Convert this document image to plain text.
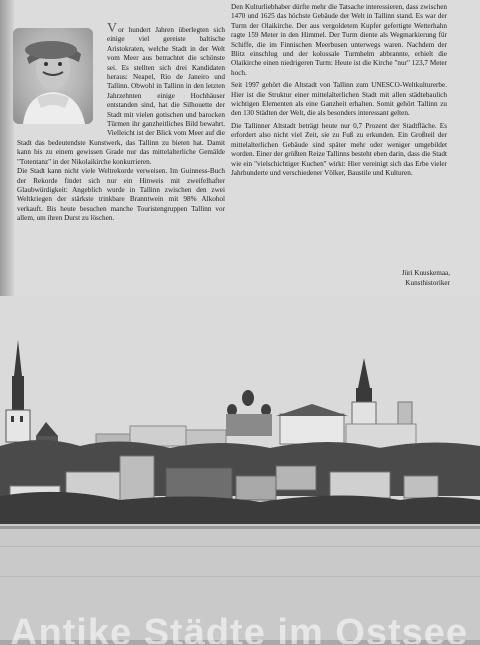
Vor hundert Jahren überlegten sich einige viel gereiste baltische Aristokraten, welche Stadt in der Welt vom Meer aus betrachtet die schönste sei. Es stellten sich drei Kandidaten heraus: Neapel, Rio de Janeiro und Tallinn. Obwohl in Tallinn in den letzten Jahrzehnten einige Hochhäuser entstanden sind, hat die Silhouette der Stadt mit vielen gotischen und barocken Türmen ihr ganzheitliches Bild bewahrt. Vielleicht ist der Blick vom Meer auf die Stadt das bedeutendste Kunstwerk, das Tallinn zu bieten hat. Damit kann bis zu einem gewissen Grade nur das mittelalterliche Gemälde "Totentanz" in der Nikolaikirche konkurrieren.

Die Stadt kann nicht viele Weltrekorde verweisen. Im Guinness-Buch der Rekorde findet sich nur ein Hinweis mit zweifelhafter Glaubwürdigkeit: Angeblich wurde in Tallinn zwischen den zwei Weltkriegen der stärkste trinkbare Branntwein mit 98% Alkohol verkauft. Bis heute besuchen manche Touristengruppen Tallinn vor allem, um ihren Durst zu löschen.

Den Kulturliebhaber dürfte mehr die Tatsache interessieren, dass zwischen 1470 und 1625 das höchste Gebäude der Welt in Tallinn stand. Es war der Turm der Olaikirche. Der aus vergoldetem Kupfer gefertigte Wetterhahn ragte 159 Meter in den Himmel. Der Turm diente als Wegmarkierung für Schiffe, die im Finnischen Meerbusen unterwegs waren. Nachdem der Blitz einschlug und der kolossale Turmhelm abbrannte, erhielt die Olaikirche einen niedrigeren Turm: Heute ist die Kirche "nur" 123,7 Meter hoch.

Seit 1997 gehört die Altstadt von Tallinn zum UNESCO-Weltkulturerbe. Hier ist die Struktur einer mittelalterlichen Stadt mit allen städtebaulich wichtigen Elementen als eine Ganzheit erhalten. Somit gehört Tallinn zu den 130 Städten der Welt, die als besonders interessant gelten.

Die Tallinner Altstadt beträgt heute nur 0,7 Prozent der Stadtfläche. Es erfordert also nicht viel Zeit, sie zu Fuß zu erkunden. Ein Großteil der mittelalterlichen Gebäude sind später mehr oder weniger umgebildet worden. Einer der größten Reize Tallinns besteht eben darin, dass die Stadt wie ein "vielschichtiger Kuchen" wirkt: Hier vereinigt sich das Erbe vieler Jahrhunderte und verschiedener Völker, Baustile und Kulturen.

Jüri Kuuskemaa,
Kunsthistoriker
Antike Städte im Ostsee
